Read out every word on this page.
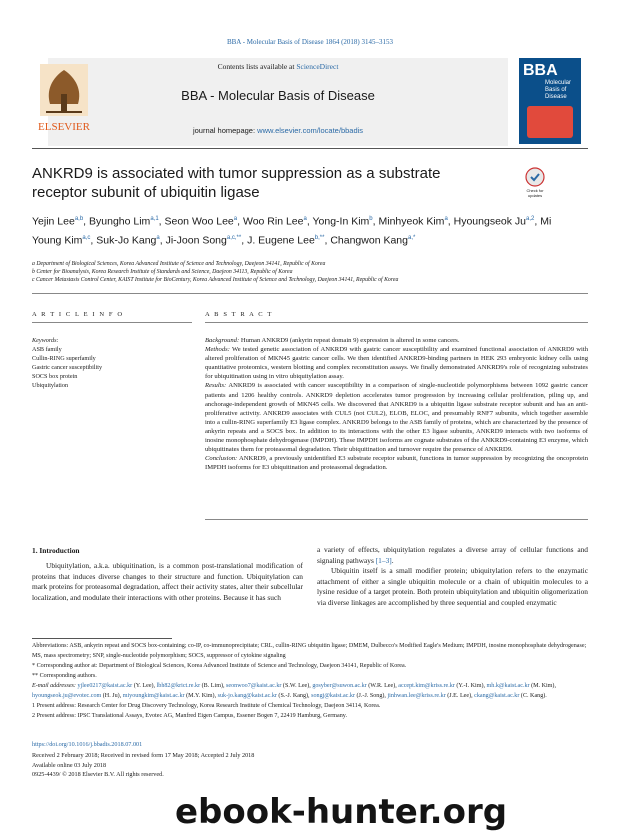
BBA - Molecular Basis of Disease 1864 (2018) 3145–3153
Contents lists available at ScienceDirect
BBA - Molecular Basis of Disease
journal homepage: www.elsevier.com/locate/bbadis
ELSEVIER
BBA
Molecular Basis of Disease
ANKRD9 is associated with tumor suppression as a substrate receptor subunit of ubiquitin ligase	Check for updates
Yejin Lee$^{a,b}$, Byungho Lim$^{a,1}$, Seon Woo Lee$^a$, Woo Rin Lee$^a$, Yong-In Kim$^b$, Minhyeok Kim$^a$, Hyoungseok Ju$^{a,2}$, Mi Young Kim$^{a,c}$, Suk-Jo Kang$^a$, Ji-Joon Song$^{a,c,**}$, J. Eugene Lee$^{b,**}$, Changwon Kang$^{a,*}$
a Department of Biological Sciences, Korea Advanced Institute of Science and Technology, Daejeon 34141, Republic of Korea
b Center for Bioanalysis, Korea Research Institute of Standards and Science, Daejeon 34113, Republic of Korea
c Cancer Metastasis Control Center, KAIST Institute for BioCentury, Korea Advanced Institute of Science and Technology, Daejeon 34141, Republic of Korea
A R T I C L E I N F O
Keywords:
ASB family
Cullin-RING superfamily
Gastric cancer susceptibility
SOCS box protein
Ubiquitylation
A B S T R A C T
Background: Human ANKRD9 (ankyrin repeat domain 9) expression is altered in some cancers.
Methods: We tested genetic association of ANKRD9 with gastric cancer susceptibility and examined functional association of ANKRD9 with altered proliferation of MKN45 gastric cancer cells. We then identified ANKRD9-binding partners in HEK 293 embryonic kidney cells using quantitative proteomics, western blotting and complex reconstitution assays. We finally demonstrated ANKRD9's role of recognizing substrates for ubiquitination using in vitro ubiquitylation assay.
Results: ANKRD9 is associated with cancer susceptibility in a comparison of single-nucleotide polymorphisms between 1092 gastric cancer patients and 1206 healthy controls. ANKRD9 depletion accelerates tumor progression by increasing cellular proliferation, piling up, and anchorage-independent growth of MKN45 cells. We discovered that ANKRD9 is a ubiquitin ligase substrate receptor subunit and has an anti-proliferative activity. ANKRD9 associates with CUL5 (not CUL2), ELOB, ELOC, and presumably RNF7 subunits, which together assemble into a cullin-RING superfamily E3 ligase complex. ANKRD9 belongs to the ASB family of proteins, which are characterized by the presence of ankyrin repeats and a SOCS box. In addition to its interactions with the other E3 ligase subunits, ANKRD9 interacts with two isoforms of inosine monophosphate dehydrogenase (IMPDH). These IMPDH isoforms are cognate substrates of the ANKRD9-containing E3 enzyme, which ubiquitinates them for proteasomal degradation. Their ubiquitination and turnover require the presence of ANKRD9.
Conclusion: ANKRD9, a previously unidentified E3 substrate receptor subunit, functions in tumor suppression by recognizing the oncoprotein IMPDH isoforms for E3 ubiquitination and proteasomal degradation.
1. Introduction
Ubiquitylation, a.k.a. ubiquitination, is a common post-translational modification of proteins that induces diverse changes to their structure and function. Ubiquitylation can mark proteins for proteasomal degradation, affect their activity states, alter their subcellular localization, and modulate their interactions with other proteins. Because it has such
a variety of effects, ubiquitylation regulates a diverse array of cellular functions and signaling pathways [1–3].
Ubiquitin itself is a small modifier protein; ubiquitylation refers to the enzymatic attachment of either a single ubiquitin molecule or a chain of ubiquitin molecules to a lysine residue of a target protein. Both protein ubiquitylation and ubiquitin oligomerization via diverse linkages are accomplished by three sequential and coupled enzymatic
Abbreviations: ASB, ankyrin repeat and SOCS box-containing; co-IP, co-immunoprecipitate; CRL, cullin-RING ubiquitin ligase; DMEM, Dulbecco's Modified Eagle's Medium; IMPDH, inosine monophosphate dehydrogenase; MS, mass spectrometry; SNP, single-nucleotide polymorphism; SOCS, suppressor of cytokine signaling
* Corresponding author at: Department of Biological Sciences, Korea Advanced Institute of Science and Technology, Daejeon 34141, Republic of Korea.
** Corresponding authors.
E-mail addresses: yjlee0217@kaist.ac.kr (Y. Lee), lbh82@krict.re.kr (B. Lim), seonwoo7@kaist.ac.kr (S.W. Lee), gosyber@suwon.ac.kr (W.R. Lee), accept.kim@kriss.re.kr (Y.-I. Kim), mh.k@kaist.ac.kr (M. Kim), hyoungseok.ju@evotec.com (H. Ju), miyoungkim@kaist.ac.kr (M.Y. Kim), suk-jo.kang@kaist.ac.kr (S.-J. Kang), songj@kaist.ac.kr (J.-J. Song), jinhwan.lee@kriss.re.kr (J.E. Lee), ckang@kaist.ac.kr (C. Kang).
1 Present address: Research Center for Drug Discovery Technology, Korea Research Institute of Chemical Technology, Daejeon 34114, Korea.
2 Present address: IPSC Translational Assays, Evotec AG, Manfred Eigen Campus, Essener Bogen 7, 22419 Hamburg, Germany.
https://doi.org/10.1016/j.bbadis.2018.07.001
Received 2 February 2018; Received in revised form 17 May 2018; Accepted 2 July 2018
Available online 03 July 2018
0925-4439/ © 2018 Elsevier B.V. All rights reserved.
ebook-hunter.org
